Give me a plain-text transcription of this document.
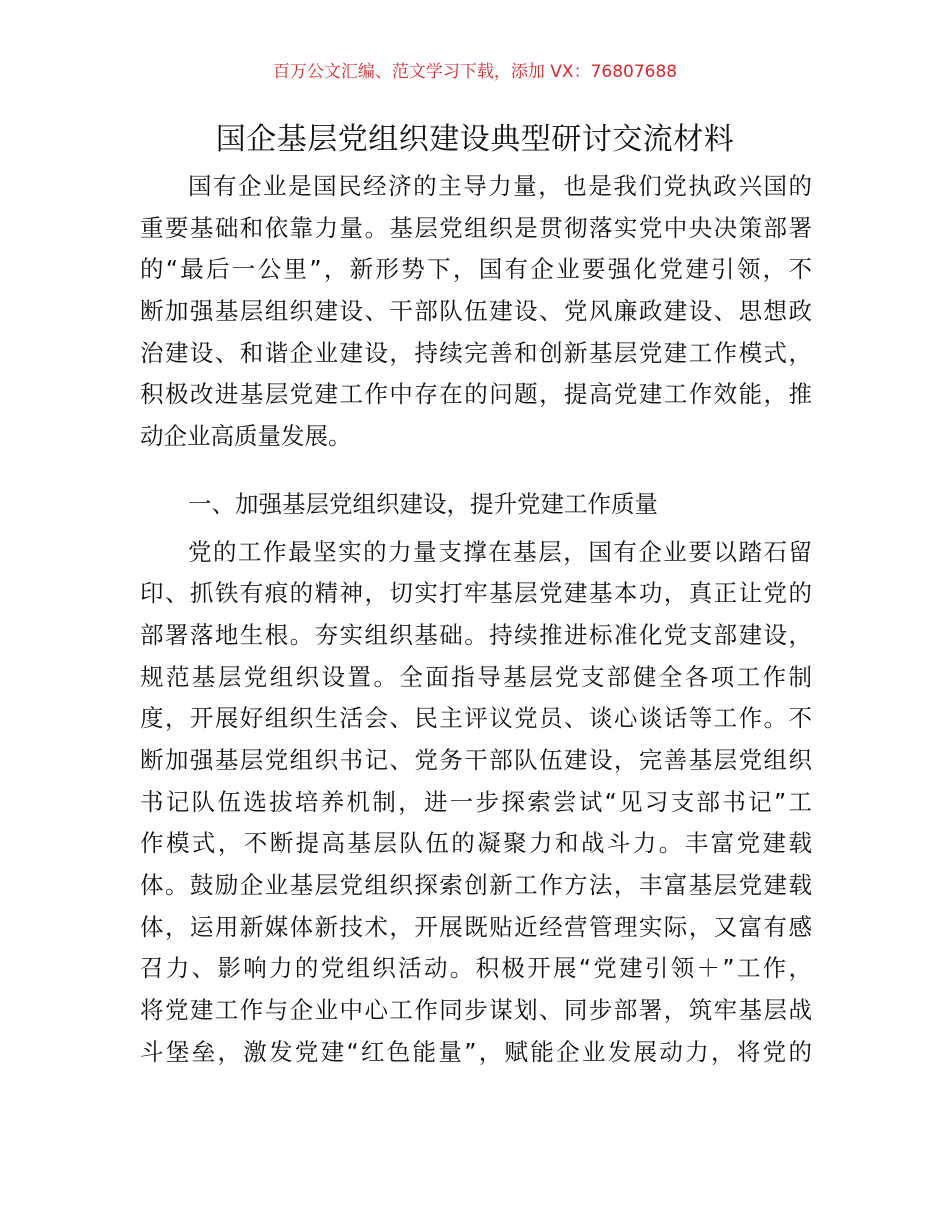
百万公文汇编、范文学习下载，添加 VX：76807688
国企基层党组织建设典型研讨交流材料
国有企业是国民经济的主导力量，也是我们党执政兴国的
重要基础和依靠力量。基层党组织是贯彻落实党中央决策部署
的“最后一公里”，新形势下，国有企业要强化党建引领，不
断加强基层组织建设、干部队伍建设、党风廉政建设、思想政
治建设、和谐企业建设，持续完善和创新基层党建工作模式，
积极改进基层党建工作中存在的问题，提高党建工作效能，推
动企业高质量发展。
一、加强基层党组织建设，提升党建工作质量
党的工作最坚实的力量支撑在基层，国有企业要以踏石留
印、抓铁有痕的精神，切实打牢基层党建基本功，真正让党的
部署落地生根。夯实组织基础。持续推进标准化党支部建设，
规范基层党组织设置。全面指导基层党支部健全各项工作制
度，开展好组织生活会、民主评议党员、谈心谈话等工作。不
断加强基层党组织书记、党务干部队伍建设，完善基层党组织
书记队伍选拔培养机制，进一步探索尝试“见习支部书记”工
作模式，不断提高基层队伍的凝聚力和战斗力。丰富党建载
体。鼓励企业基层党组织探索创新工作方法，丰富基层党建载
体，运用新媒体新技术，开展既贴近经营管理实际，又富有感
召力、影响力的党组织活动。积极开展“党建引领＋”工作，
将党建工作与企业中心工作同步谋划、同步部署，筑牢基层战
斗堡垒，激发党建“红色能量”，赋能企业发展动力，将党的
